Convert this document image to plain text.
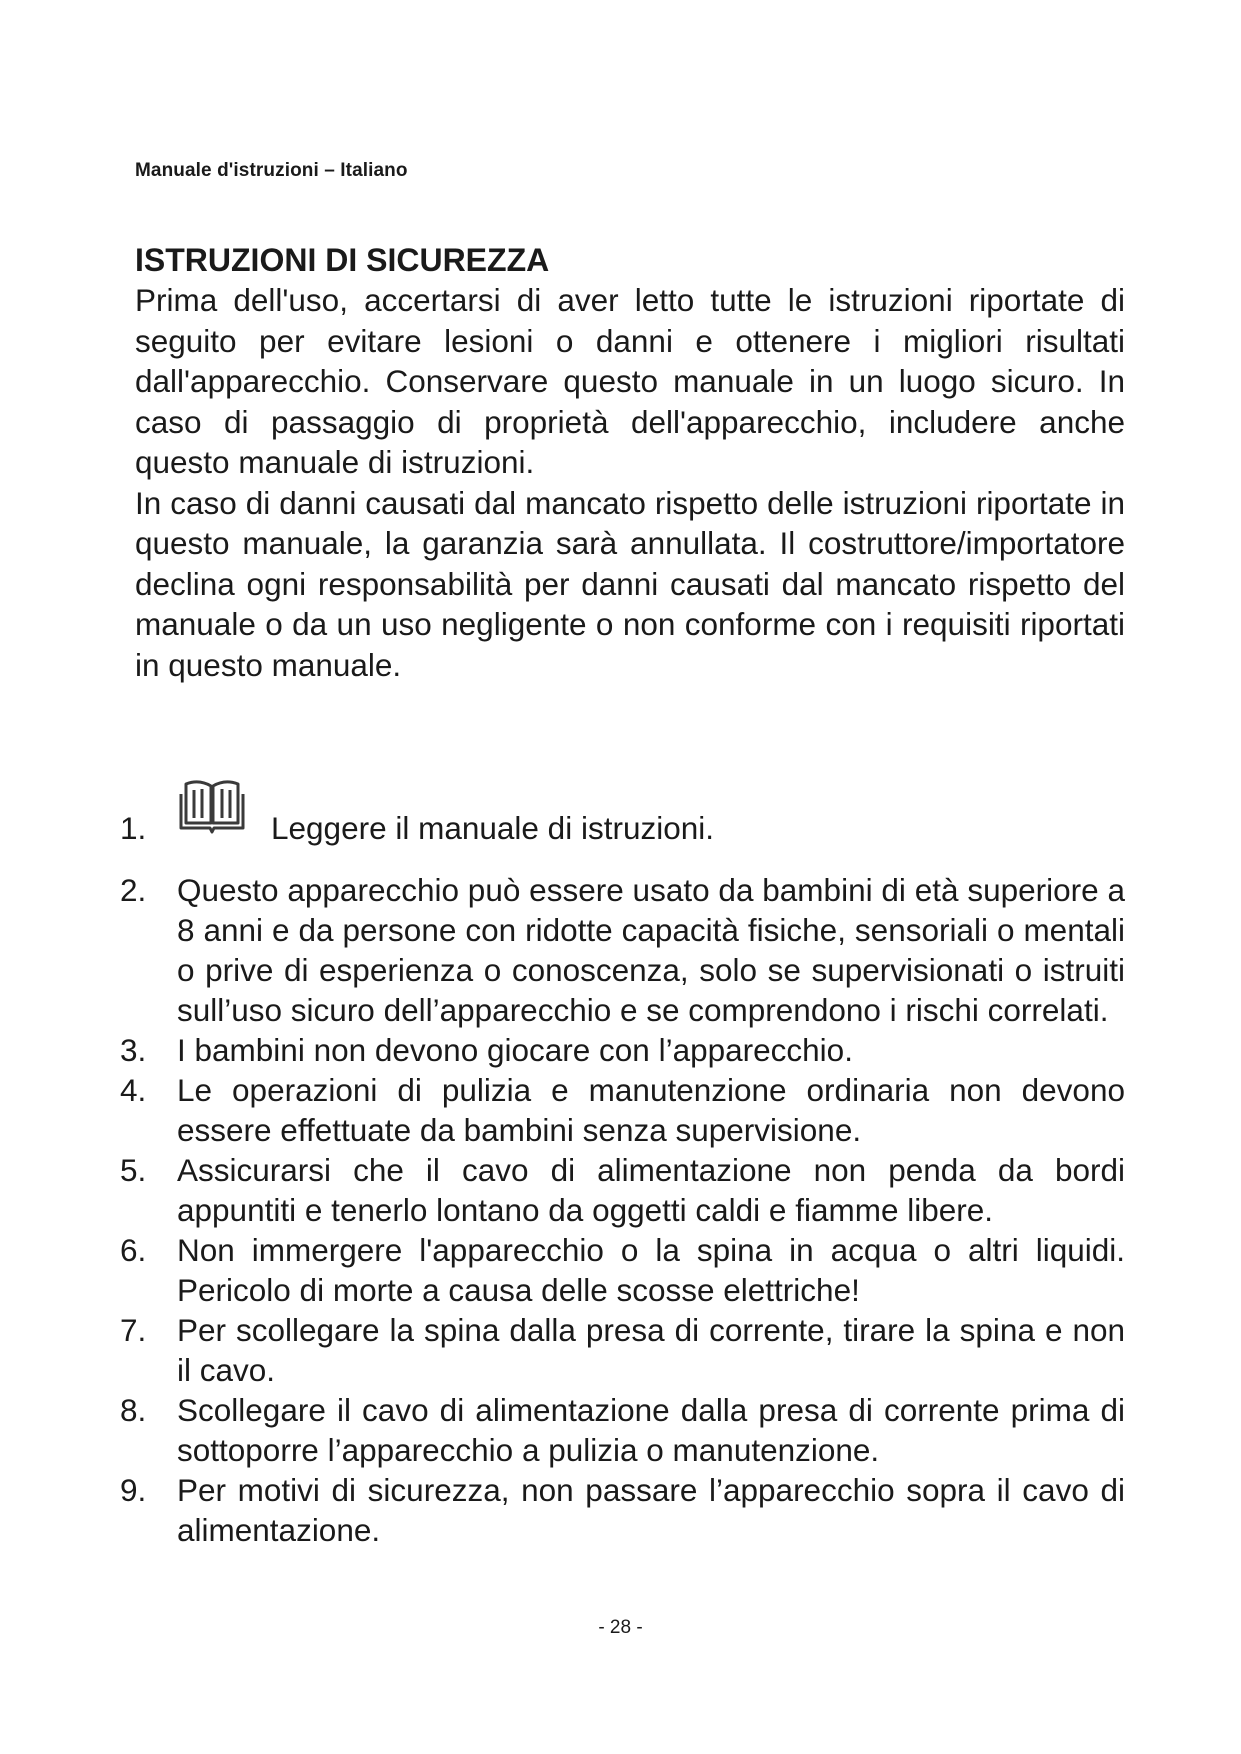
Manuale d'istruzioni – Italiano
ISTRUZIONI DI SICUREZZA

Prima dell'uso, accertarsi di aver letto tutte le istruzioni riportate di seguito per evitare lesioni o danni e ottenere i migliori risultati dall'apparecchio. Conservare questo manuale in un luogo sicuro. In caso di passaggio di proprietà dell'apparecchio, includere anche questo manuale di istruzioni.

In caso di danni causati dal mancato rispetto delle istruzioni riportate in questo manuale, la garanzia sarà annullata. Il costruttore/importatore declina ogni responsabilità per danni causati dal mancato rispetto del manuale o da un uso negligente o non conforme con i requisiti riportati in questo manuale.

1.	Leggere il manuale di istruzioni.
2. Questo apparecchio può essere usato da bambini di età superiore a 8 anni e da persone con ridotte capacità fisiche, sensoriali o mentali o prive di esperienza o conoscenza, solo se supervisionati o istruiti sull’uso sicuro dell’apparecchio e se comprendono i rischi correlati.
3. I bambini non devono giocare con l’apparecchio.
4. Le operazioni di pulizia e manutenzione ordinaria non devono essere effettuate da bambini senza supervisione.
5. Assicurarsi che il cavo di alimentazione non penda da bordi appuntiti e tenerlo lontano da oggetti caldi e fiamme libere.
6. Non immergere l'apparecchio o la spina in acqua o altri liquidi. Pericolo di morte a causa delle scosse elettriche!
7. Per scollegare la spina dalla presa di corrente, tirare la spina e non il cavo.
8. Scollegare il cavo di alimentazione dalla presa di corrente prima di sottoporre l’apparecchio a pulizia o manutenzione.
9. Per motivi di sicurezza, non passare l’apparecchio sopra il cavo di alimentazione.
- 28 -
